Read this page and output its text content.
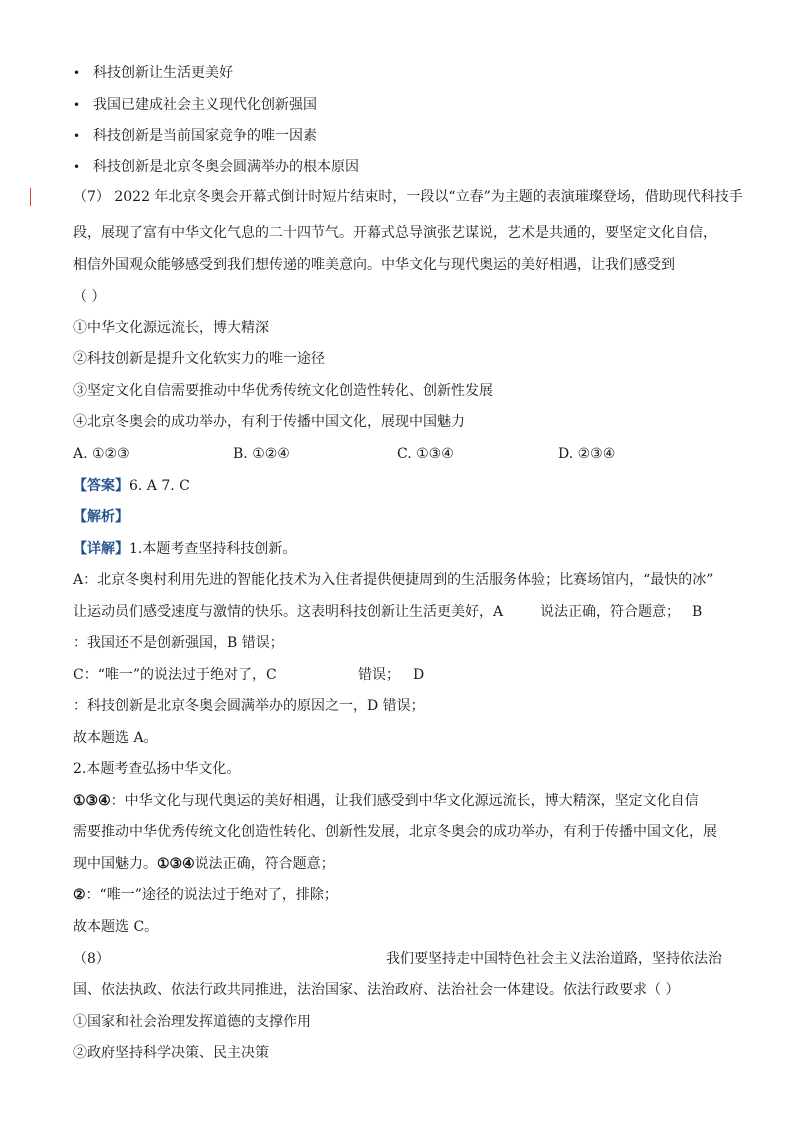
• 科技创新让生活更美好
• 我国已建成社会主义现代化创新强国
• 科技创新是当前国家竞争的唯一因素
• 科技创新是北京冬奥会圆满举办的根本原因
（7） 2022 年北京冬奥会开幕式倒计时短片结束时，一段以“立春”为主题的表演璀璨登场，借助现代科技手
段，展现了富有中华文化气息的二十四节气。开幕式总导演张艺谋说，艺术是共通的，要坚定文化自信，
相信外国观众能够感受到我们想传递的唯美意向。中华文化与现代奥运的美好相遇，让我们感受到
（ ）
①中华文化源远流长，博大精深
②科技创新是提升文化软实力的唯一途径
③坚定文化自信需要推动中华优秀传统文化创造性转化、创新性发展
④北京冬奥会的成功举办，有利于传播中国文化，展现中国魅力
A. ①②③	B. ①②④	C. ①③④	D. ②③④
【答案】6. A 7. C
【解析】
【详解】1.本题考查坚持科技创新。
A：北京冬奥村利用先进的智能化技术为入住者提供便捷周到的生活服务体验；比赛场馆内，“最快的冰”
让运动员们感受速度与激情的快乐。这表明科技创新让生活更美好，A	说法正确，符合题意； B
：我国还不是创新强国，B 错误；
C：“唯一”的说法过于绝对了，C	错误； D
：科技创新是北京冬奥会圆满举办的原因之一，D 错误；
故本题选 A。
2.本题考查弘扬中华文化。
①③④：中华文化与现代奥运的美好相遇，让我们感受到中华文化源远流长，博大精深，坚定文化自信
需要推动中华优秀传统文化创造性转化、创新性发展，北京冬奥会的成功举办，有利于传播中国文化，展
现中国魅力。①③④说法正确，符合题意；
②：“唯一”途径的说法过于绝对了，排除；
故本题选 C。
（8）	我们要坚持走中国特色社会主义法治道路，坚持依法治
国、依法执政、依法行政共同推进，法治国家、法治政府、法治社会一体建设。依法行政要求（ ）
①国家和社会治理发挥道德的支撑作用
②政府坚持科学决策、民主决策
